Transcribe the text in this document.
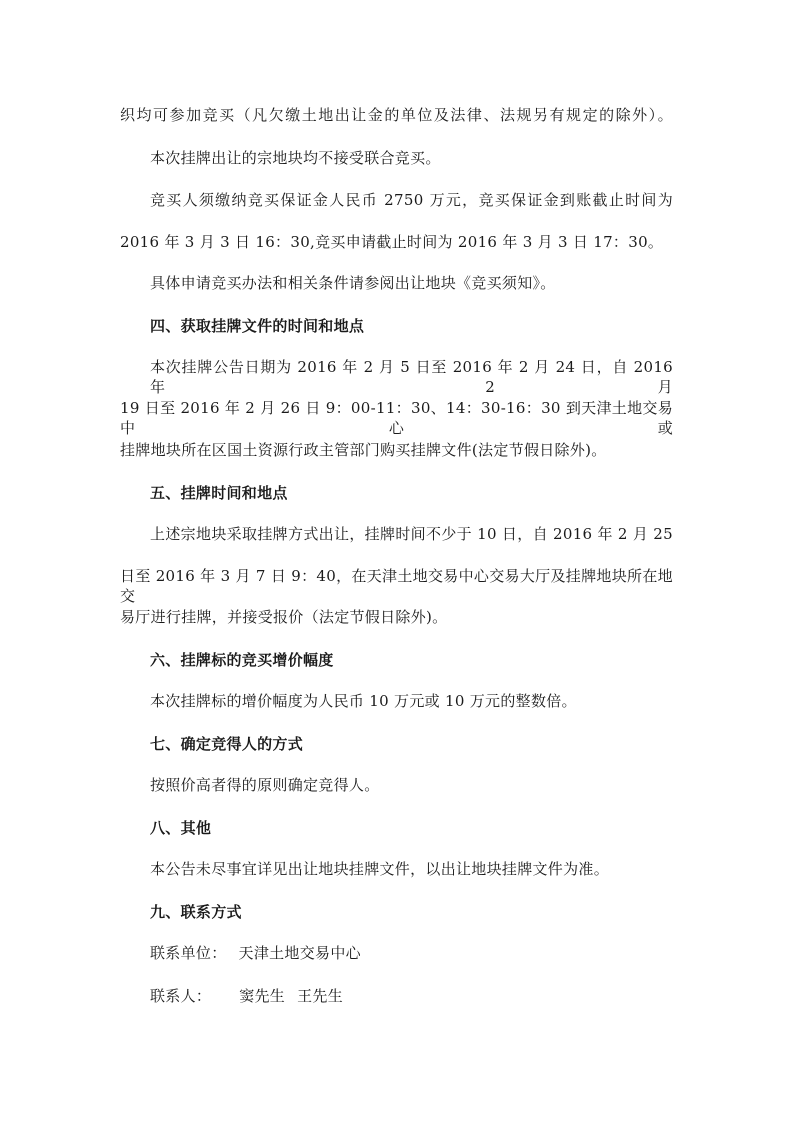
织均可参加竞买（凡欠缴土地出让金的单位及法律、法规另有规定的除外）。
本次挂牌出让的宗地块均不接受联合竞买。
竞买人须缴纳竞买保证金人民币 2750 万元，竞买保证金到账截止时间为
2016 年 3 月 3 日 16：30,竞买申请截止时间为 2016 年 3 月 3 日 17：30。
具体申请竞买办法和相关条件请参阅出让地块《竞买须知》。
四、获取挂牌文件的时间和地点
本次挂牌公告日期为 2016 年 2 月 5 日至 2016 年 2 月 24 日，自 2016 年 2 月
19 日至 2016 年 2 月 26 日 9：00-11：30、14：30-16：30 到天津土地交易中心或
挂牌地块所在区国土资源行政主管部门购买挂牌文件(法定节假日除外)。
五、挂牌时间和地点
上述宗地块采取挂牌方式出让，挂牌时间不少于 10 日，自 2016 年 2 月 25
日至 2016 年 3 月 7 日 9：40，在天津土地交易中心交易大厅及挂牌地块所在地交
易厅进行挂牌，并接受报价（法定节假日除外)。
六、挂牌标的竞买增价幅度
本次挂牌标的增价幅度为人民币 10 万元或 10 万元的整数倍。
七、确定竞得人的方式
按照价高者得的原则确定竞得人。
八、其他
本公告未尽事宜详见出让地块挂牌文件，以出让地块挂牌文件为准。
九、联系方式
联系单位： 天津土地交易中心
联系人： 窦先生 王先生
